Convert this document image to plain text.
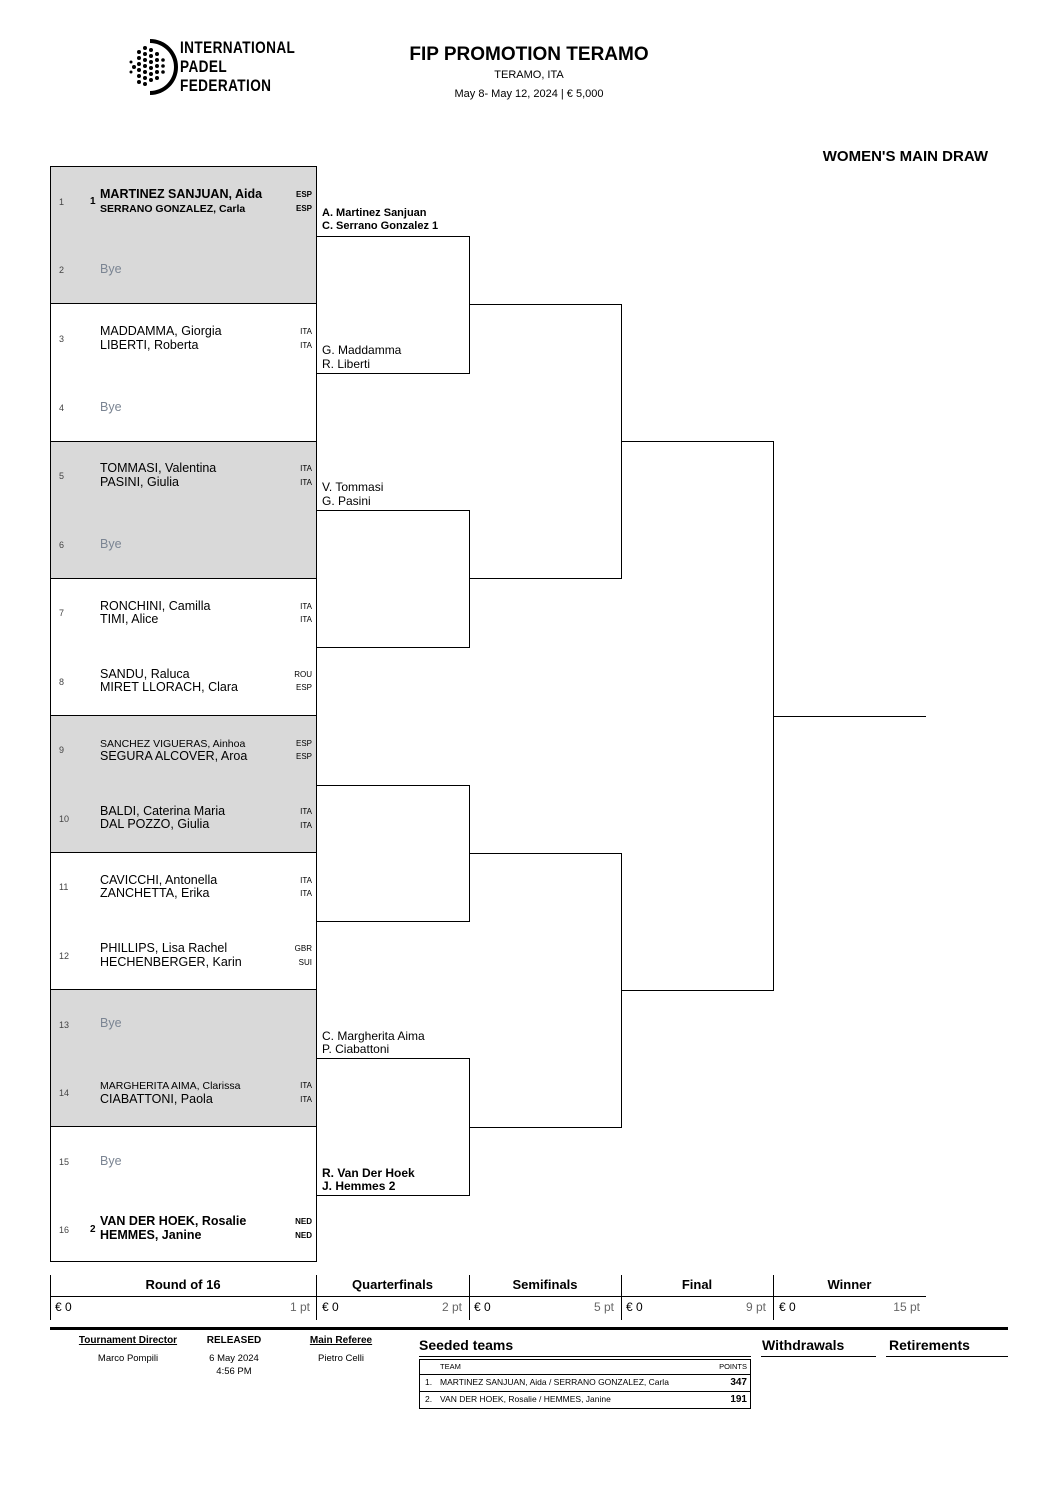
INTERNATIONAL
PADEL
FEDERATION
FIP PROMOTION TERAMO
TERAMO, ITA
May 8- May 12, 2024 | € 5,000
WOMEN'S MAIN DRAW
1	1
MARTINEZ SANJUAN, Aida	ESP
SERRANO GONZALEZ, Carla	ESP
2	Bye
3
MADDAMMA, Giorgia	ITA
LIBERTI, Roberta	ITA
4	Bye
5
TOMMASI, Valentina	ITA
PASINI, Giulia	ITA
6	Bye
7	RONCHINI, Camilla	ITA
TIMI, Alice	ITA
8
SANDU, Raluca	ROU
MIRET LLORACH, Clara	ESP
9	SANCHEZ VIGUERAS, Ainhoa	ESP
SEGURA ALCOVER, Aroa	ESP
10
BALDI, Caterina Maria	ITA
DAL POZZO, Giulia	ITA
11	CAVICCHI, Antonella	ITA
ZANCHETTA, Erika	ITA
12
PHILLIPS, Lisa Rachel	GBR
HECHENBERGER, Karin	SUI
13 Bye
14
MARGHERITA AIMA, Clarissa	ITA
CIABATTONI, Paola	ITA
15 Bye
16 2
VAN DER HOEK, Rosalie	NED
HEMMES, Janine	NED
A. Martinez Sanjuan
C. Serrano Gonzalez 1
G. Maddamma
R. Liberti
V. Tommasi
G. Pasini
C. Margherita Aima
P. Ciabattoni
R. Van Der Hoek
J. Hemmes 2
Round of 16	Quarterfinals	Semifinals	Final	Winner
€ 0	1 pt € 0	2 pt € 0	5 pt € 0	9 pt € 0	15 pt
Tournament Director
Marco Pompili
RELEASED
6 May 2024
4:56 PM
Main Referee
Pietro Celli
Seeded teams
TEAM	POINTS
1. MARTINEZ SANJUAN, Aida / SERRANO GONZALEZ, Carla	347
2. VAN DER HOEK, Rosalie / HEMMES, Janine	191
Withdrawals	Retirements
